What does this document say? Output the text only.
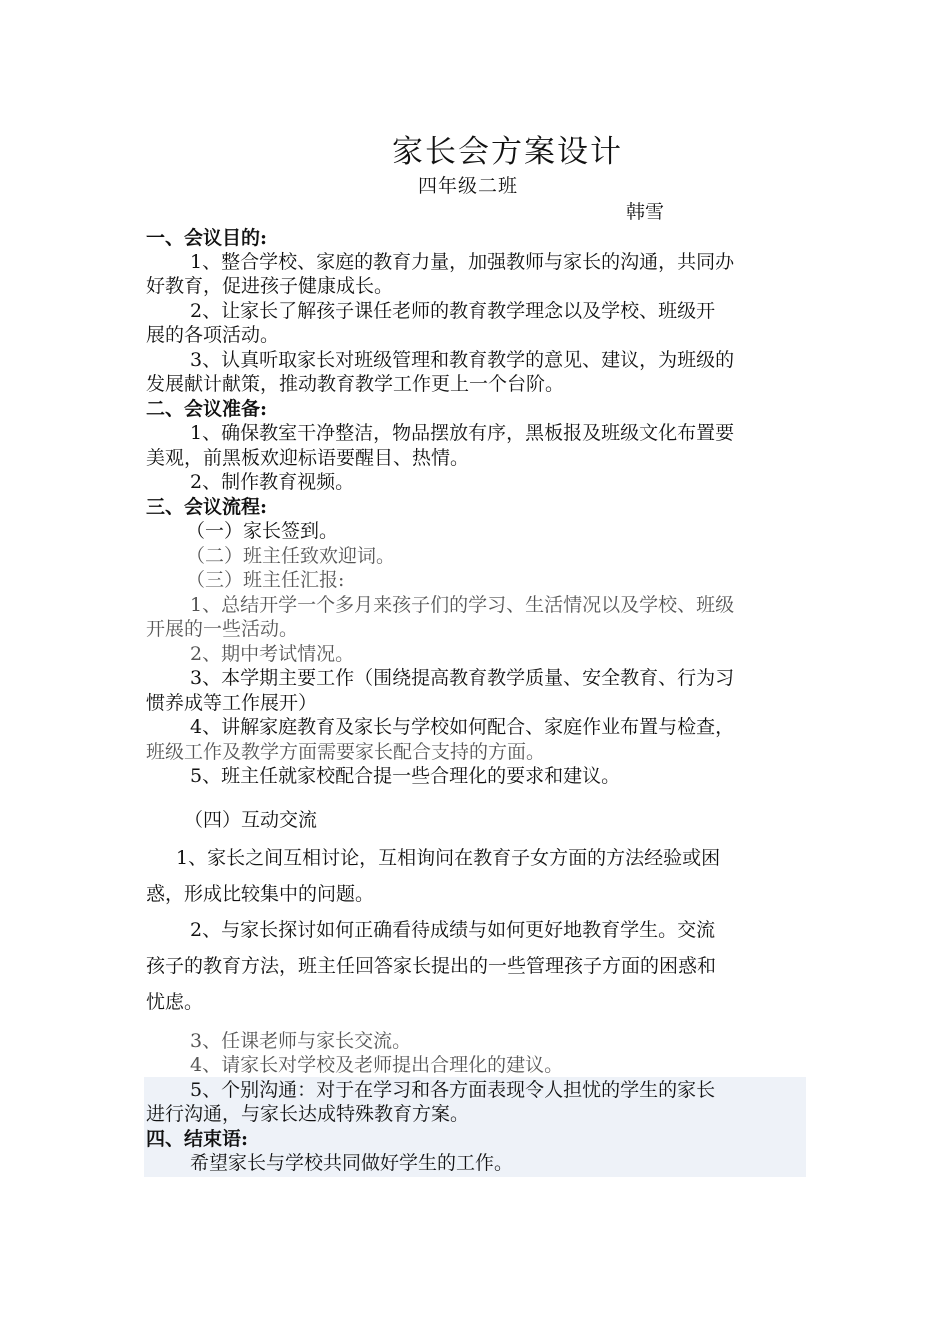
家长会方案设计
四年级二班
韩雪
一、会议目的:
1、整合学校、家庭的教育力量，加强教师与家长的沟通，共同办
好教育，促进孩子健康成长。
2、让家长了解孩子课任老师的教育教学理念以及学校、班级开
展的各项活动。
3、认真听取家长对班级管理和教育教学的意见、建议，为班级的
发展献计献策，推动教育教学工作更上一个台阶。
二、会议准备:
1、确保教室干净整洁，物品摆放有序，黑板报及班级文化布置要
美观，前黑板欢迎标语要醒目、热情。
2、制作教育视频。
三、会议流程:
（一）家长签到。
（二）班主任致欢迎词。
（三）班主任汇报:
1、总结开学一个多月来孩子们的学习、生活情况以及学校、班级
开展的一些活动。
2、期中考试情况。
3、本学期主要工作（围绕提高教育教学质量、安全教育、行为习
惯养成等工作展开）
4、讲解家庭教育及家长与学校如何配合、家庭作业布置与检查，
班级工作及教学方面需要家长配合支持的方面。
5、班主任就家校配合提一些合理化的要求和建议。
（四）互动交流
1、家长之间互相讨论，互相询问在教育子女方面的方法经验或困
惑，形成比较集中的问题。
2、与家长探讨如何正确看待成绩与如何更好地教育学生。交流
孩子的教育方法，班主任回答家长提出的一些管理孩子方面的困惑和
忧虑。
3、任课老师与家长交流。
4、请家长对学校及老师提出合理化的建议。
5、个别沟通：对于在学习和各方面表现令人担忧的学生的家长
进行沟通，与家长达成特殊教育方案。
四、结束语:
希望家长与学校共同做好学生的工作。
